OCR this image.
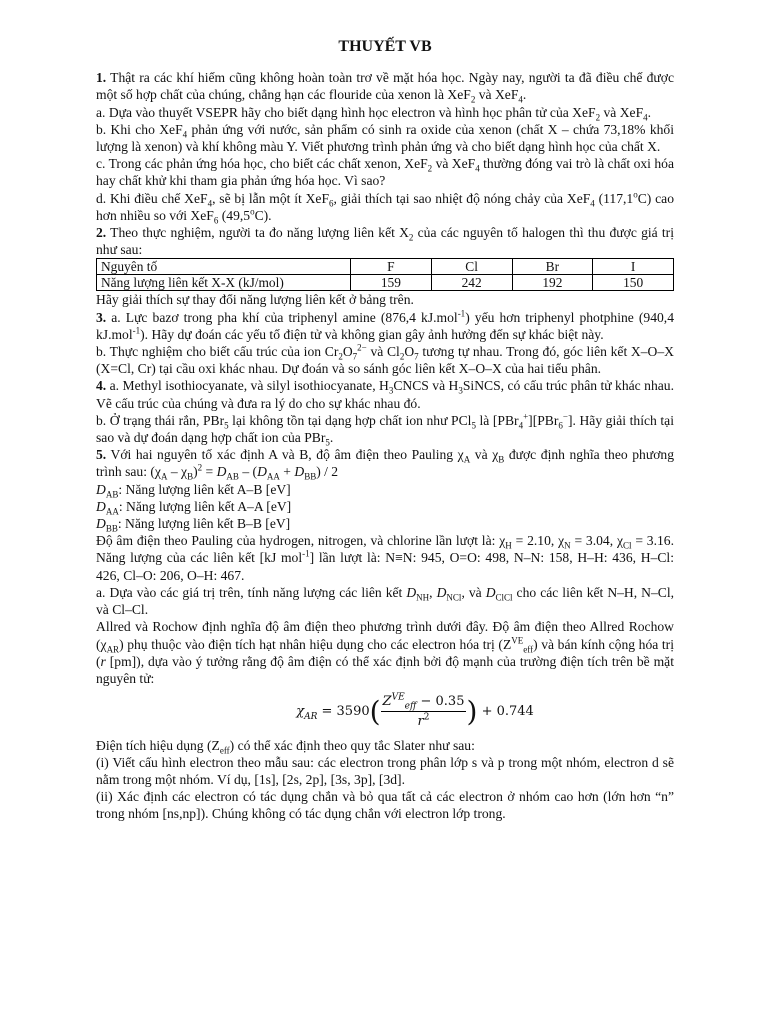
THUYẾT VB

1. Thật ra các khí hiếm cũng không hoàn toàn trơ về mặt hóa học. Ngày nay, người ta đã điều chế được một số hợp chất của chúng, chẳng hạn các flouride của xenon là XeF$_2$ và XeF$_4$.

a. Dựa vào thuyết VSEPR hãy cho biết dạng hình học electron và hình học phân tử của XeF$_2$ và XeF$_4$.

b. Khi cho XeF$_4$ phản ứng với nước, sản phẩm có sinh ra oxide của xenon (chất X – chứa 73,18% khối lượng là xenon) và khí không màu Y. Viết phương trình phản ứng và cho biết dạng hình học của chất X.

c. Trong các phản ứng hóa học, cho biết các chất xenon, XeF$_2$ và XeF$_4$ thường đóng vai trò là chất oxi hóa hay chất khử khi tham gia phản ứng hóa học. Vì sao?

d. Khi điều chế XeF$_4$, sẽ bị lẫn một ít XeF$_6$, giải thích tại sao nhiệt độ nóng chảy của XeF$_4$ (117,1$^o$C) cao hơn nhiều so với XeF$_6$ (49,5$^o$C).

2. Theo thực nghiệm, người ta đo năng lượng liên kết $X_2$ của các nguyên tố halogen thì thu được giá trị như sau:

Nguyên tố	F	Cl	Br	I
Năng lượng liên kết X-X (kJ/mol)	159	242	192	150

Hãy giải thích sự thay đổi năng lượng liên kết ở bảng trên.

3. a. Lực bazơ trong pha khí của triphenyl amine (876,4 kJ.mol$^{-1}$) yếu hơn triphenyl photphine (940,4 kJ.mol$^{-1}$). Hãy dự đoán các yếu tố điện tử và không gian gây ảnh hưởng đến sự khác biệt này.

b. Thực nghiệm cho biết cấu trúc của ion $Cr_2O_7^{2-}$ và $Cl_2O_7$ tương tự nhau. Trong đó, góc liên kết X–O–X (X=Cl, Cr) tại cầu oxi khác nhau. Dự đoán và so sánh góc liên kết X–O–X của hai tiểu phân.

4. a. Methyl isothiocyanate, và silyl isothiocyanate, $H_3CNCS$ và $H_3SiNCS$, có cấu trúc phân tử khác nhau. Vẽ cấu trúc của chúng và đưa ra lý do cho sự khác nhau đó.

b. Ở trạng thái rắn, PBr$_5$ lại không tồn tại dạng hợp chất ion như PCl$_5$ là [PBr$_4$+][PBr$_6$−]. Hãy giải thích tại sao và dự đoán dạng hợp chất ion của PBr$_5$.

5. Với hai nguyên tố xác định A và B, độ âm điện theo Pauling $\chi_A$ và $\chi_B$ được định nghĩa theo phương trình sau: $(\chi_A - \chi_B)^2 = D_{AB} - (D_{AA} + D_{BB}) / 2$

$D_{AB}$: Năng lượng liên kết A–B [eV]

$D_{AA}$: Năng lượng liên kết A–A [eV]

$D_{BB}$: Năng lượng liên kết B–B [eV]

Độ âm điện theo Pauling của hydrogen, nitrogen, và chlorine lần lượt là: $\chi_H = 2.10$, $\chi_N = 3.04$, $\chi_{Cl} = 3.16$. Năng lượng của các liên kết [kJ mol$^{-1}$] lần lượt là: N≡N: 945, O=O: 498, N–N: 158, H–H: 436, H–Cl: 426, Cl–O: 206, O–H: 467.

a. Dựa vào các giá trị trên, tính năng lượng các liên kết $D_{NH}$, $D_{NCl}$, và $D_{ClCl}$ cho các liên kết N–H, N–Cl, và Cl–Cl.

Allred và Rochow định nghĩa độ âm điện theo phương trình dưới đây. Độ âm điện theo Allred Rochow $(\chi_{AR})$ phụ thuộc vào điện tích hạt nhân hiệu dụng cho các electron hóa trị $(Z^{VE}_{eff})$ và bán kính cộng hóa trị (r [pm]), dựa vào ý tưởng rằng độ âm điện có thể xác định bởi độ mạnh của trường điện tích trên bề mặt nguyên tử:

$\chi_{AR} = 3590( \frac{Z^{VE}_{eff} - 0.35}{r^2}$ ) + 0.744

Điện tích hiệu dụng $(Z_{eff})$ có thể xác định theo quy tắc Slater như sau:

(i) Viết cấu hình electron theo mẫu sau: các electron trong phân lớp s và p trong một nhóm, electron d sẽ nằm trong một nhóm. Ví dụ, [1s], [2s, 2p], [3s, 3p], [3d].

(ii) Xác định các electron có tác dụng chắn và bỏ qua tất cả các electron ở nhóm cao hơn (lớn hơn “n” trong nhóm [ns,np]). Chúng không có tác dụng chắn với electron lớp trong.
